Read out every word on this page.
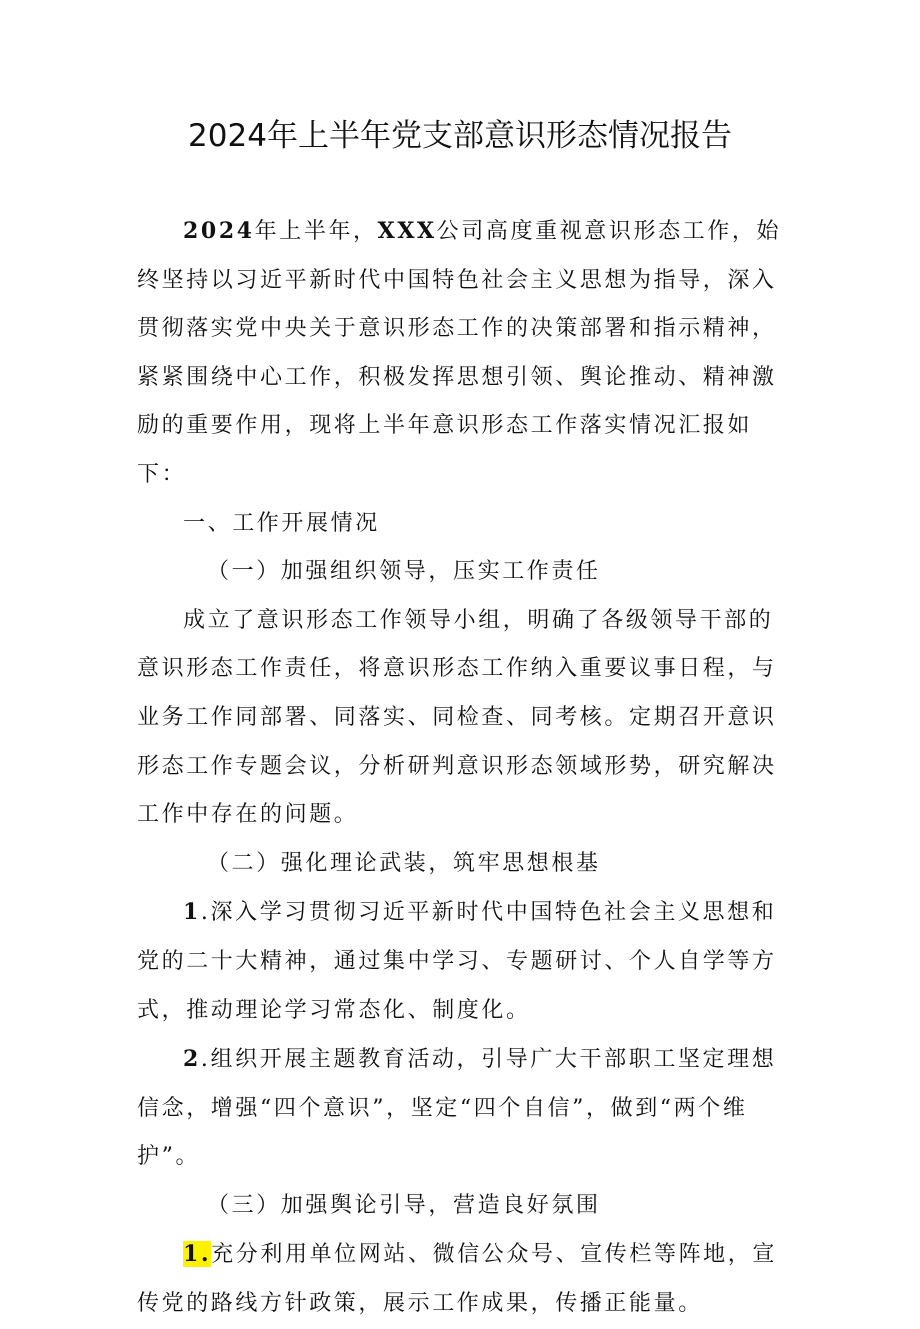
2024年上半年党支部意识形态情况报告

2024年上半年，XXX公司高度重视意识形态工作，始终坚持以习近平新时代中国特色社会主义思想为指导，深入贯彻落实党中央关于意识形态工作的决策部署和指示精神，紧紧围绕中心工作，积极发挥思想引领、舆论推动、精神激励的重要作用，现将上半年意识形态工作落实情况汇报如下：

一、工作开展情况

（一）加强组织领导，压实工作责任

成立了意识形态工作领导小组，明确了各级领导干部的意识形态工作责任，将意识形态工作纳入重要议事日程，与业务工作同部署、同落实、同检查、同考核。定期召开意识形态工作专题会议，分析研判意识形态领域形势，研究解决工作中存在的问题。

（二）强化理论武装，筑牢思想根基

1.深入学习贯彻习近平新时代中国特色社会主义思想和党的二十大精神，通过集中学习、专题研讨、个人自学等方式，推动理论学习常态化、制度化。

2.组织开展主题教育活动，引导广大干部职工坚定理想信念，增强“四个意识”，坚定“四个自信”，做到“两个维护”。

（三）加强舆论引导，营造良好氛围

1.充分利用单位网站、微信公众号、宣传栏等阵地，宣传党的路线方针政策，展示工作成果，传播正能量。
